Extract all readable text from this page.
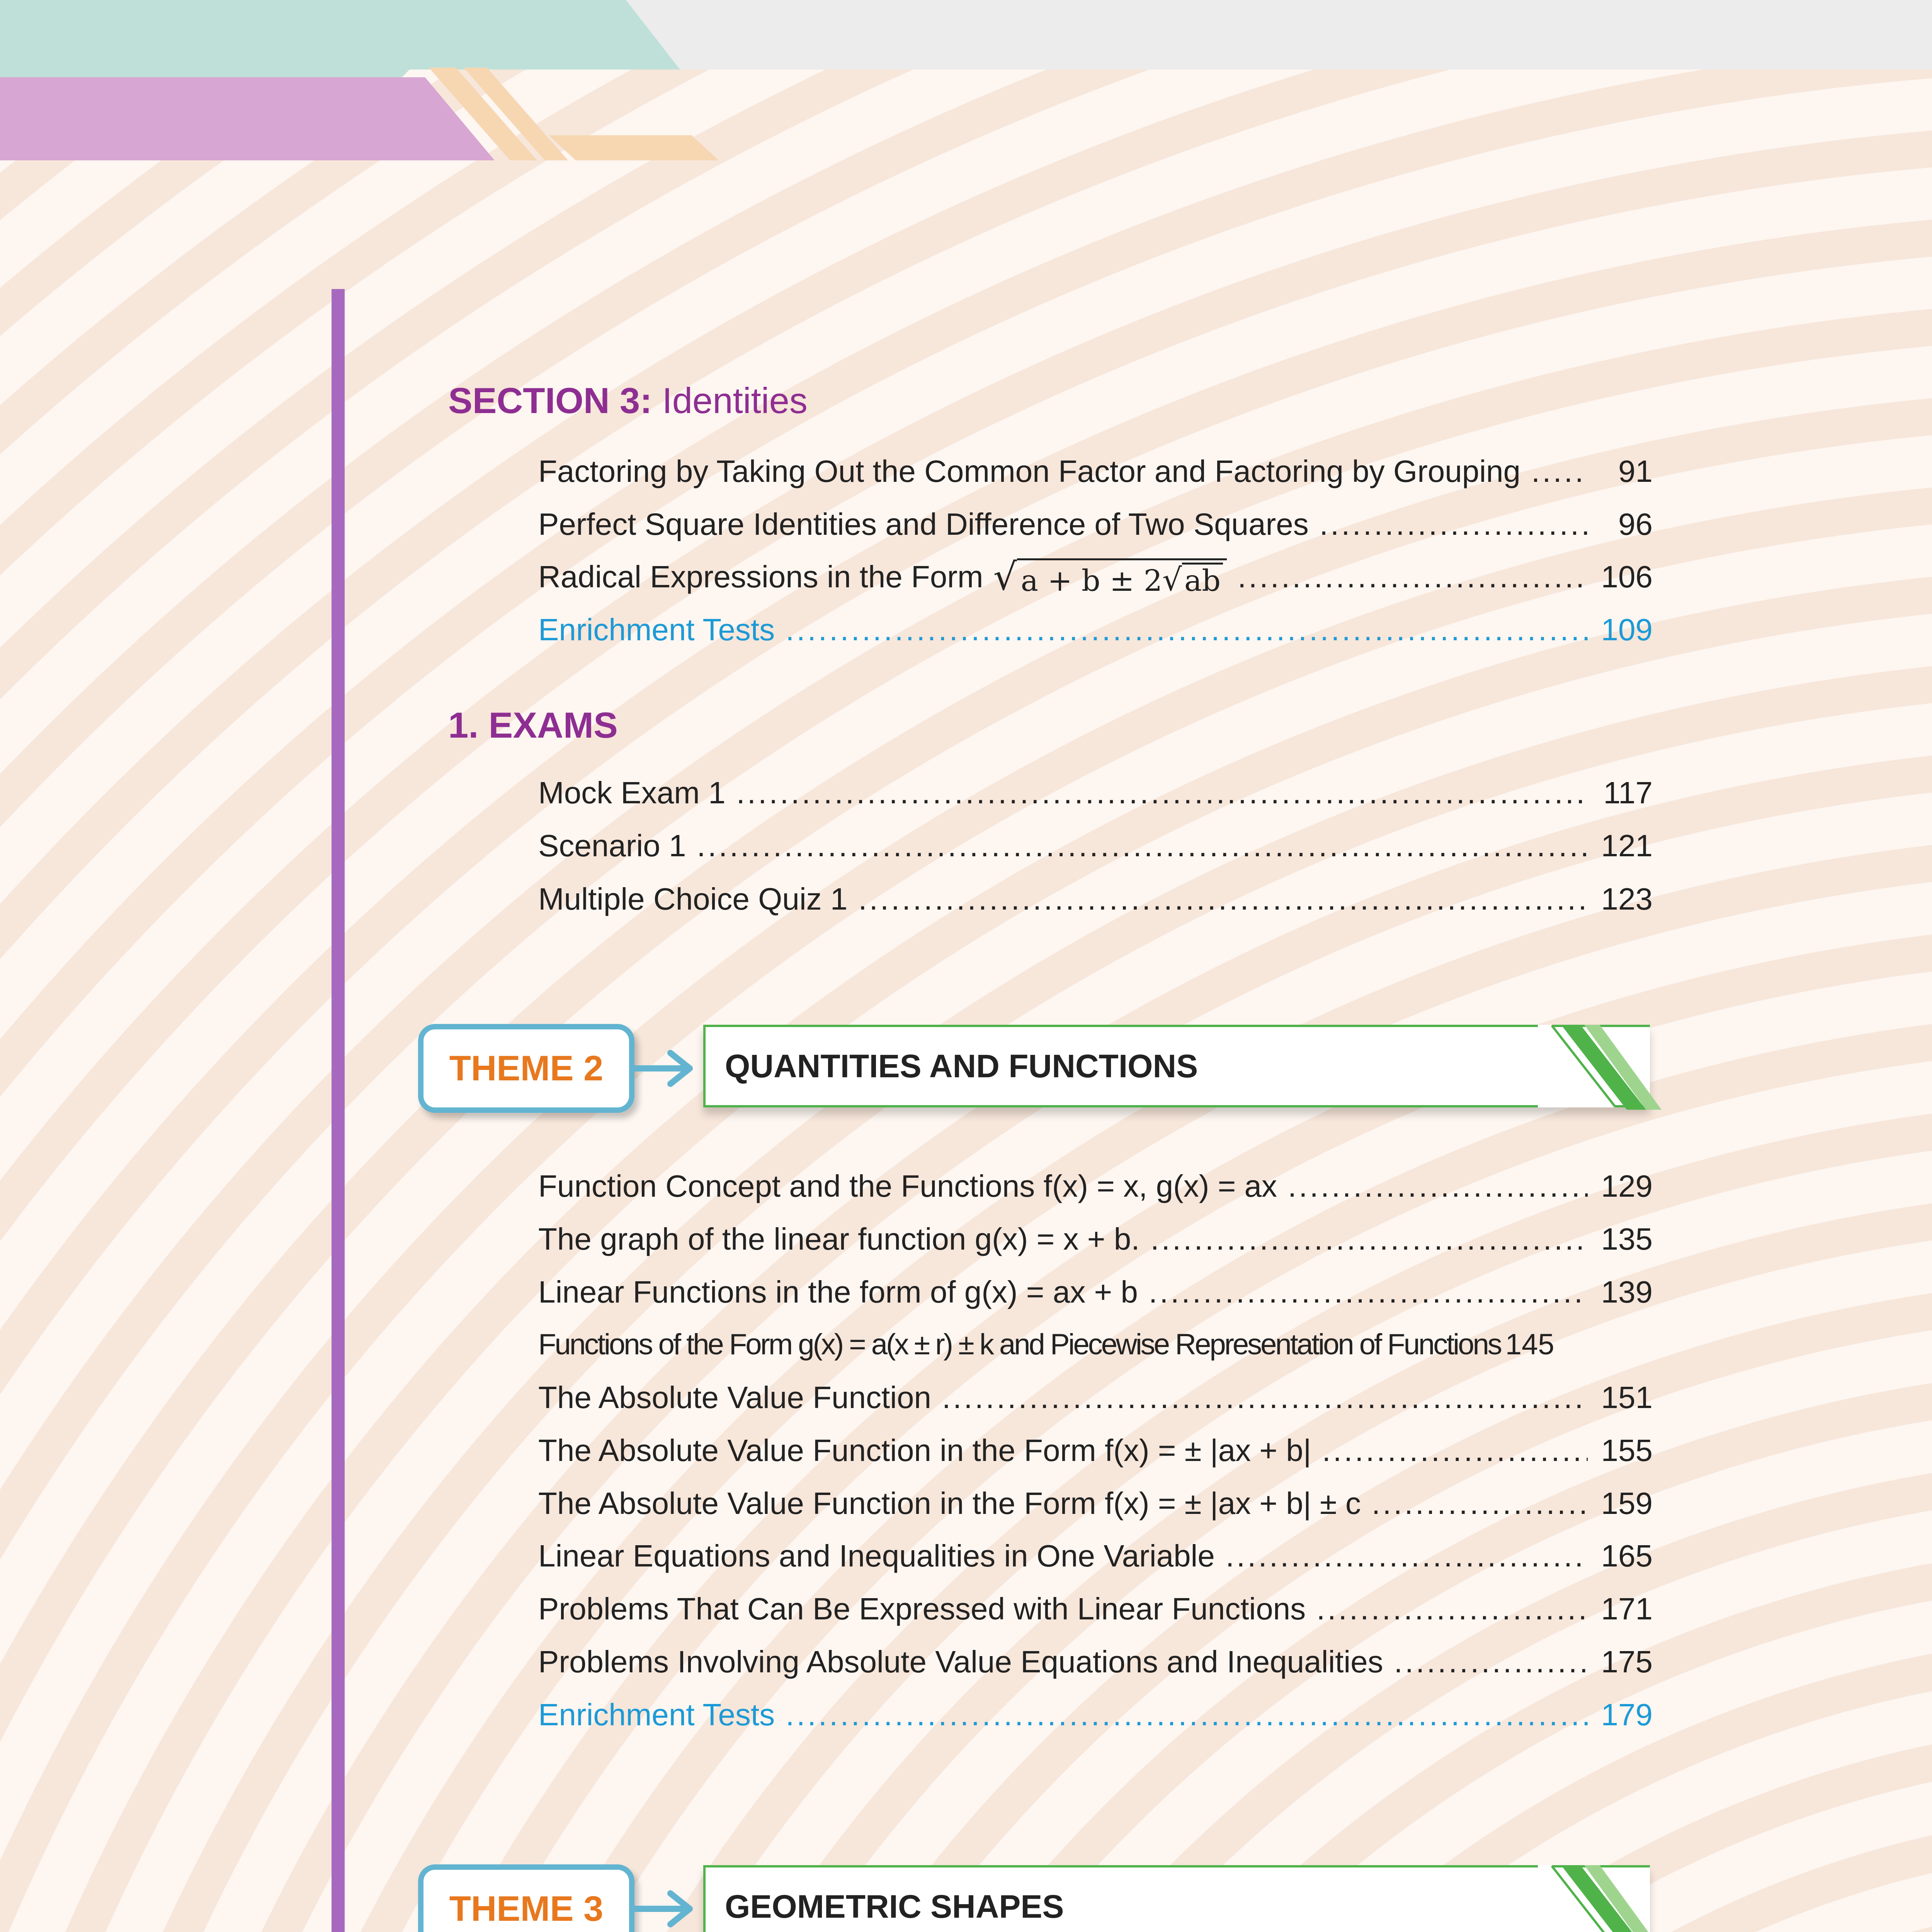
SECTION 3: Identities
Factoring by Taking Out the Common Factor and Factoring by Grouping .....	91
Perfect Square Identities and Difference of Two Squares .....	96
Radical Expressions in the Form √ a + b ± 2 √ ab .....	106
Enrichment Tests .....	109
1. EXAMS
Mock Exam 1 .....	117
Scenario 1 .....	121
Multiple Choice Quiz 1 .....	123
THEME 2	QUANTITIES AND FUNCTIONS
Function Concept and the Functions f(x) = x, g(x) = ax .....	129
The graph of the linear function g(x) = x + b. .....	135
Linear Functions in the form of g(x) = ax + b .....	139
Functions of the Form g(x) = a(x ± r) ± k and Piecewise Representation of Functions 145
The Absolute Value Function .....	151
The Absolute Value Function in the Form f(x) = ± |ax + b| .....	155
The Absolute Value Function in the Form f(x) = ± |ax + b| ± c .....	159
Linear Equations and Inequalities in One Variable .....	165
Problems That Can Be Expressed with Linear Functions .....	171
Problems Involving Absolute Value Equations and Inequalities .....	175
Enrichment Tests .....	179
THEME 3	GEOMETRIC SHAPES
